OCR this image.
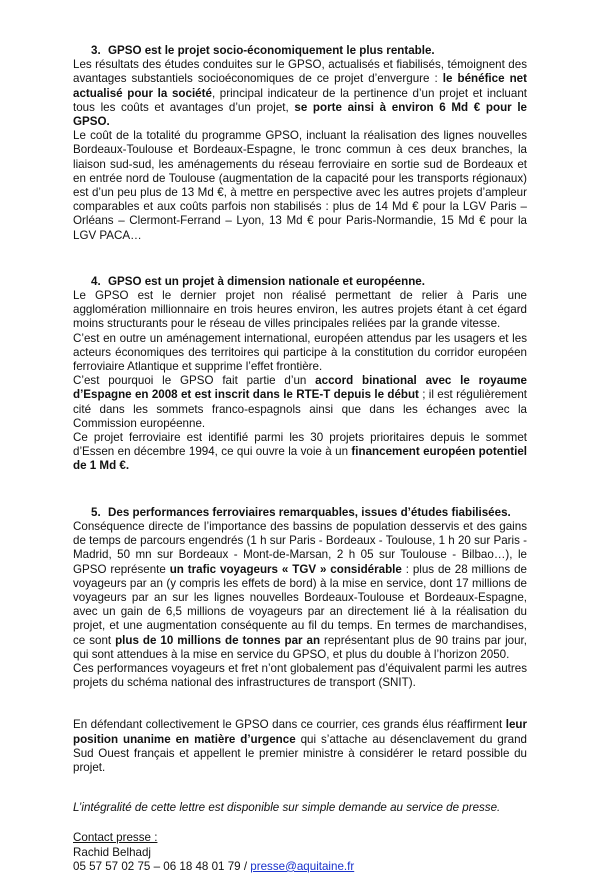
3. GPSO est le projet socio-économiquement le plus rentable.

Les résultats des études conduites sur le GPSO, actualisés et fiabilisés, témoignent des avantages substantiels socioéconomiques de ce projet d’envergure : le bénéfice net actualisé pour la société, principal indicateur de la pertinence d’un projet et incluant tous les coûts et avantages d’un projet, se porte ainsi à environ 6 Md € pour le GPSO.

Le coût de la totalité du programme GPSO, incluant la réalisation des lignes nouvelles Bordeaux-Toulouse et Bordeaux-Espagne, le tronc commun à ces deux branches, la liaison sud-sud, les aménagements du réseau ferroviaire en sortie sud de Bordeaux et en entrée nord de Toulouse (augmentation de la capacité pour les transports régionaux) est d’un peu plus de 13 Md €, à mettre en perspective avec les autres projets d’ampleur comparables et aux coûts parfois non stabilisés : plus de 14 Md € pour la LGV Paris – Orléans – Clermont-Ferrand – Lyon, 13 Md € pour Paris-Normandie, 15 Md € pour la LGV PACA…

4. GPSO est un projet à dimension nationale et européenne.

Le GPSO est le dernier projet non réalisé permettant de relier à Paris une agglomération millionnaire en trois heures environ, les autres projets étant à cet égard moins structurants pour le réseau de villes principales reliées par la grande vitesse.

C’est en outre un aménagement international, européen attendus par les usagers et les acteurs économiques des territoires qui participe à la constitution du corridor européen ferroviaire Atlantique et supprime l’effet frontière.

C’est pourquoi le GPSO fait partie d’un accord binational avec le royaume d’Espagne en 2008 et est inscrit dans le RTE-T depuis le début ; il est régulièrement cité dans les sommets franco-espagnols ainsi que dans les échanges avec la Commission européenne.

Ce projet ferroviaire est identifié parmi les 30 projets prioritaires depuis le sommet d’Essen en décembre 1994, ce qui ouvre la voie à un financement européen potentiel de 1 Md €.

5. Des performances ferroviaires remarquables, issues d’études fiabilisées.

Conséquence directe de l’importance des bassins de population desservis et des gains de temps de parcours engendrés (1 h sur Paris - Bordeaux - Toulouse, 1 h 20 sur Paris - Madrid, 50 mn sur Bordeaux - Mont-de-Marsan, 2 h 05 sur Toulouse - Bilbao…), le GPSO représente un trafic voyageurs « TGV » considérable : plus de 28 millions de voyageurs par an (y compris les effets de bord) à la mise en service, dont 17 millions de voyageurs par an sur les lignes nouvelles Bordeaux-Toulouse et Bordeaux-Espagne, avec un gain de 6,5 millions de voyageurs par an directement lié à la réalisation du projet, et une augmentation conséquente au fil du temps. En termes de marchandises, ce sont plus de 10 millions de tonnes par an représentant plus de 90 trains par jour, qui sont attendues à la mise en service du GPSO, et plus du double à l’horizon 2050.

Ces performances voyageurs et fret n’ont globalement pas d’équivalent parmi les autres projets du schéma national des infrastructures de transport (SNIT).

En défendant collectivement le GPSO dans ce courrier, ces grands élus réaffirment leur position unanime en matière d’urgence qui s’attache au désenclavement du grand Sud Ouest français et appellent le premier ministre à considérer le retard possible du projet.

L’intégralité de cette lettre est disponible sur simple demande au service de presse.

Contact presse :

Rachid Belhadj

05 57 57 02 75 – 06 18 48 01 79 / presse@aquitaine.fr
